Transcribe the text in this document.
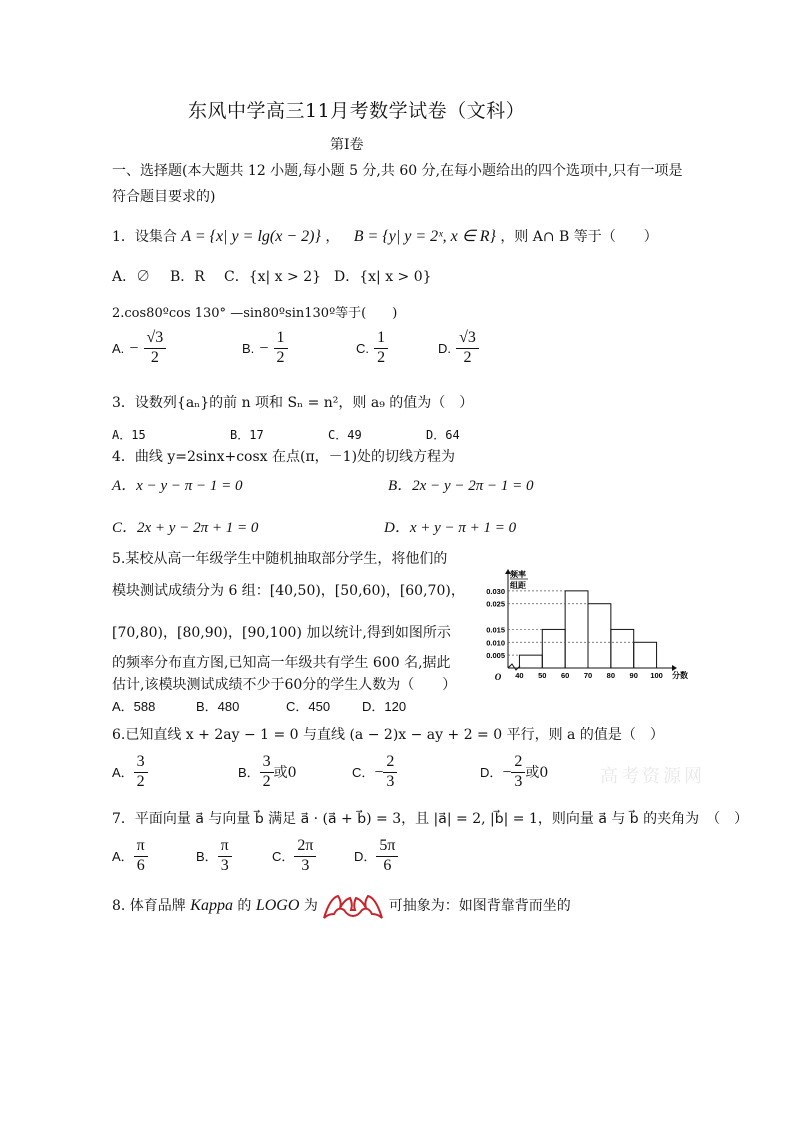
东风中学高三11月考数学试卷（文科）
第Ⅰ卷
一、选择题(本大题共 12 小题,每小题 5 分,共 60 分,在每小题给出的四个选项中,只有一项是
符合题目要求的)
1．设集合 A = {x| y = lg(x − 2)} ， B = {y| y = 2ˣ, x ∈ R} ，则 A∩ B 等于（　　）
A．∅ B．R C．{x| x > 2} D．{x| x > 0}
2.cos80ºcos 130° —sin80ºsin130º等于(　　)
A. − $\frac{√3}{2}$	B. − $\frac{1}{2}$	C. $\frac{1}{2}$	D. $\frac{√3}{2}$
3．设数列{aₙ}的前 n 项和 Sₙ = n²，则 a₉ 的值为（　）
A．15	B．17	C．49	D．64
4．曲线 y=2sinx+cosx 在点(π，－1)处的切线方程为
A．x − y − π − 1 = 0	B．2x − y − 2π − 1 = 0
C．2x + y − 2π + 1 = 0	D．x + y − π + 1 = 0
5.某校从高一年级学生中随机抽取部分学生，将他们的
模块测试成绩分为 6 组：[40,50)，[50,60)，[60,70)，
[70,80)，[80,90)，[90,100) 加以统计,得到如图所示
的频率分布直方图,已知高一年级共有学生 600 名,据此
估计,该模块测试成绩不少于60分的学生人数为（　　）
A．588	B．480	C．450 D．120
0.030
0.025
0.015
0.010
0.005
40 50 60 70 80 90 100 分数
O
频率
组距
6.已知直线 x + 2ay − 1 = 0 与直线 (a − 2)x − ay + 2 = 0 平行，则 a 的值是（　）
A． $\frac{3}{2}$	B． $\frac{3}{2}$ 或0	C．− $\frac{2}{3}$	D．− $\frac{2}{3}$ 或0	高考资源网
7．平面向量 a⃗ 与向量 b⃗ 满足 a⃗ · (a⃗ + b⃗) = 3，且 |a⃗| = 2, |b⃗| = 1，则向量 a⃗ 与 b⃗ 的夹角为　（　）
A． $\frac{\pi}{6}$	B． $\frac{\pi}{3}$	C． $\frac{2\pi}{3}$	D． $\frac{5\pi}{6}$
8. 体育品牌 Kappa 的 LOGO 为	可抽象为：如图背靠背而坐的
